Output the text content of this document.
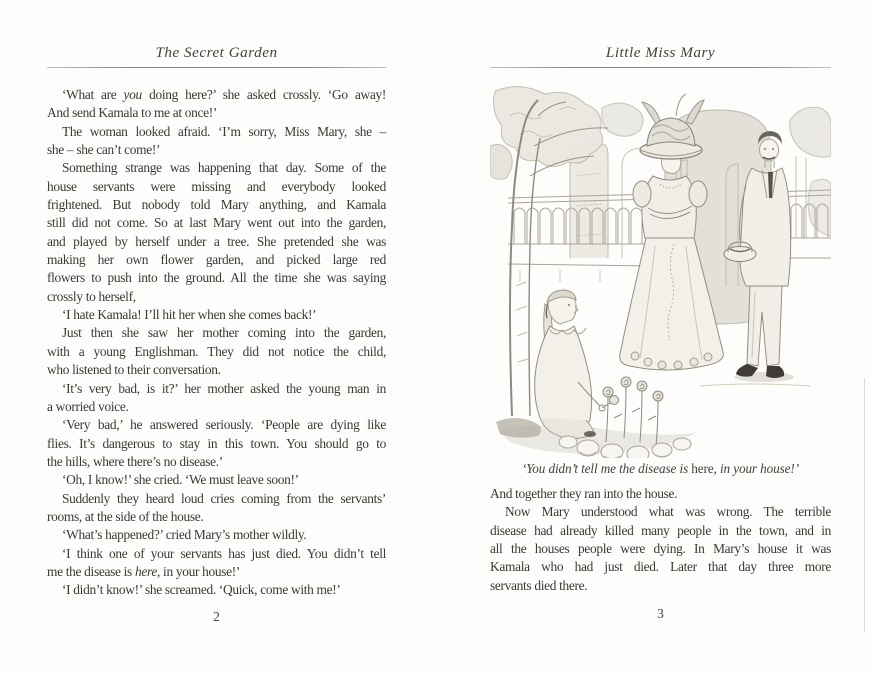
The Secret Garden
‘What are you doing here?’ she asked crossly. ‘Go away!
And send Kamala to me at once!’
The woman looked afraid. ‘I’m sorry, Miss Mary, she –
she – she can’t come!’
Something strange was happening that day. Some of the
house servants were missing and everybody looked
frightened. But nobody told Mary anything, and Kamala
still did not come. So at last Mary went out into the garden,
and played by herself under a tree. She pretended she was
making her own flower garden, and picked large red
flowers to push into the ground. All the time she was saying
crossly to herself,
‘I hate Kamala! I’ll hit her when she comes back!’
Just then she saw her mother coming into the garden,
with a young Englishman. They did not notice the child,
who listened to their conversation.
‘It’s very bad, is it?’ her mother asked the young man in
a worried voice.
‘Very bad,’ he answered seriously. ‘People are dying like
flies. It’s dangerous to stay in this town. You should go to
the hills, where there’s no disease.’
‘Oh, I know!’ she cried. ‘We must leave soon!’
Suddenly they heard loud cries coming from the servants’
rooms, at the side of the house.
‘What’s happened?’ cried Mary’s mother wildly.
‘I think one of your servants has just died. You didn’t tell
me the disease is here, in your house!’
‘I didn’t know!’ she screamed. ‘Quick, come with me!’
2
Little Miss Mary
‘You didn’t tell me the disease is here, in your house!’
And together they ran into the house.
Now Mary understood what was wrong. The terrible
disease had already killed many people in the town, and in
all the houses people were dying. In Mary’s house it was
Kamala who had just died. Later that day three more
servants died there.
3
